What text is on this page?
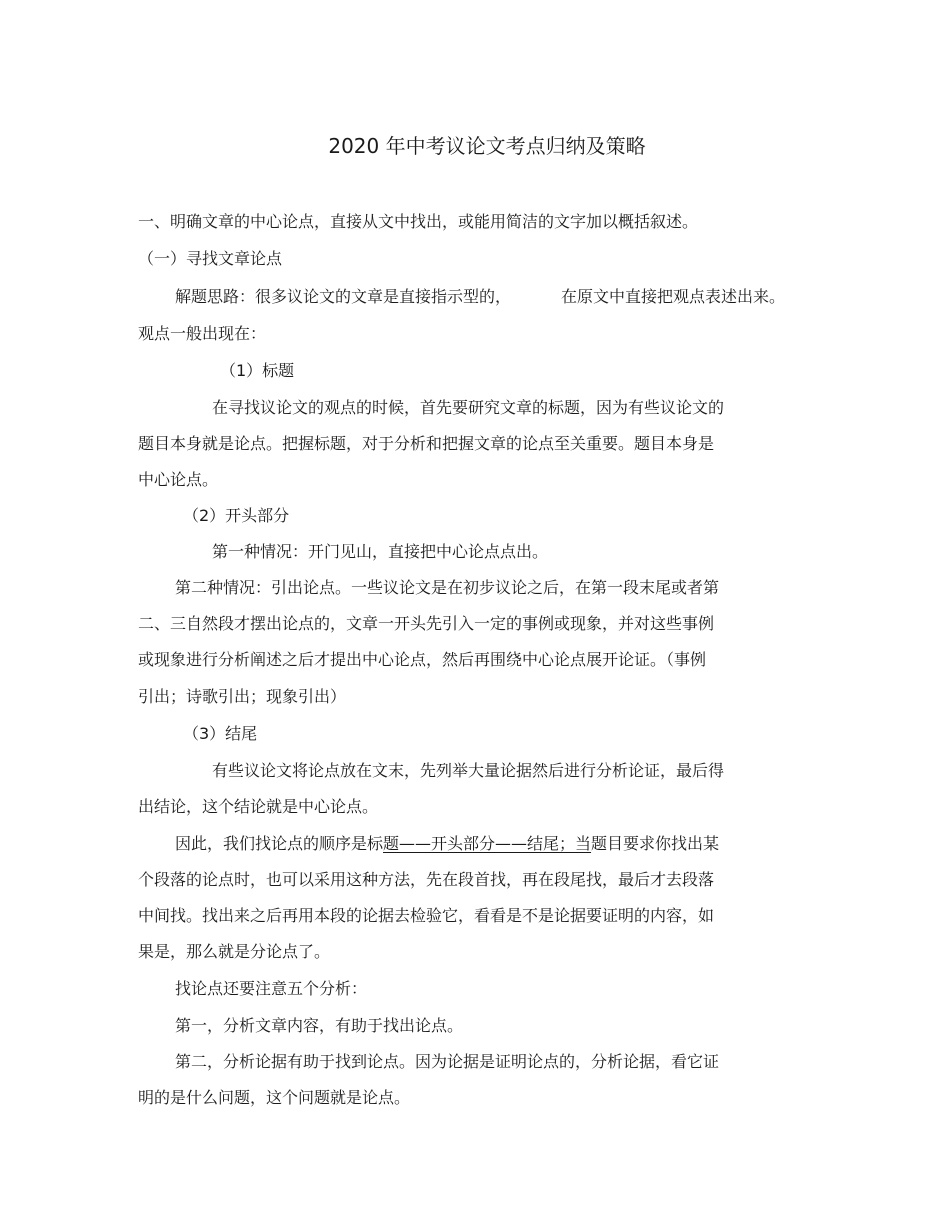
2020 年中考议论文考点归纳及策略
一、明确文章的中心论点，直接从文中找出，或能用简洁的文字加以概括叙述。
（一）寻找文章论点
解题思路：很多议论文的文章是直接指示型的，	在原文中直接把观点表述出来。
观点一般出现在：
（1）标题
在寻找议论文的观点的时候，首先要研究文章的标题，因为有些议论文的
题目本身就是论点。把握标题，对于分析和把握文章的论点至关重要。题目本身是
中心论点。
（2）开头部分
第一种情况：开门见山，直接把中心论点点出。
第二种情况：引出论点。一些议论文是在初步议论之后，在第一段末尾或者第
二、三自然段才摆出论点的，文章一开头先引入一定的事例或现象，并对这些事例
或现象进行分析阐述之后才提出中心论点，然后再围绕中心论点展开论证。（事例
引出；诗歌引出；现象引出）
（3）结尾
有些议论文将论点放在文末，先列举大量论据然后进行分析论证，最后得
出结论，这个结论就是中心论点。
因此，我们找论点的顺序是标题——开头部分——结尾；当题目要求你找出某
个段落的论点时，也可以采用这种方法，先在段首找，再在段尾找，最后才去段落
中间找。找出来之后再用本段的论据去检验它，看看是不是论据要证明的内容，如
果是，那么就是分论点了。
找论点还要注意五个分析：
第一，分析文章内容，有助于找出论点。
第二，分析论据有助于找到论点。因为论据是证明论点的，分析论据，看它证
明的是什么问题，这个问题就是论点。
